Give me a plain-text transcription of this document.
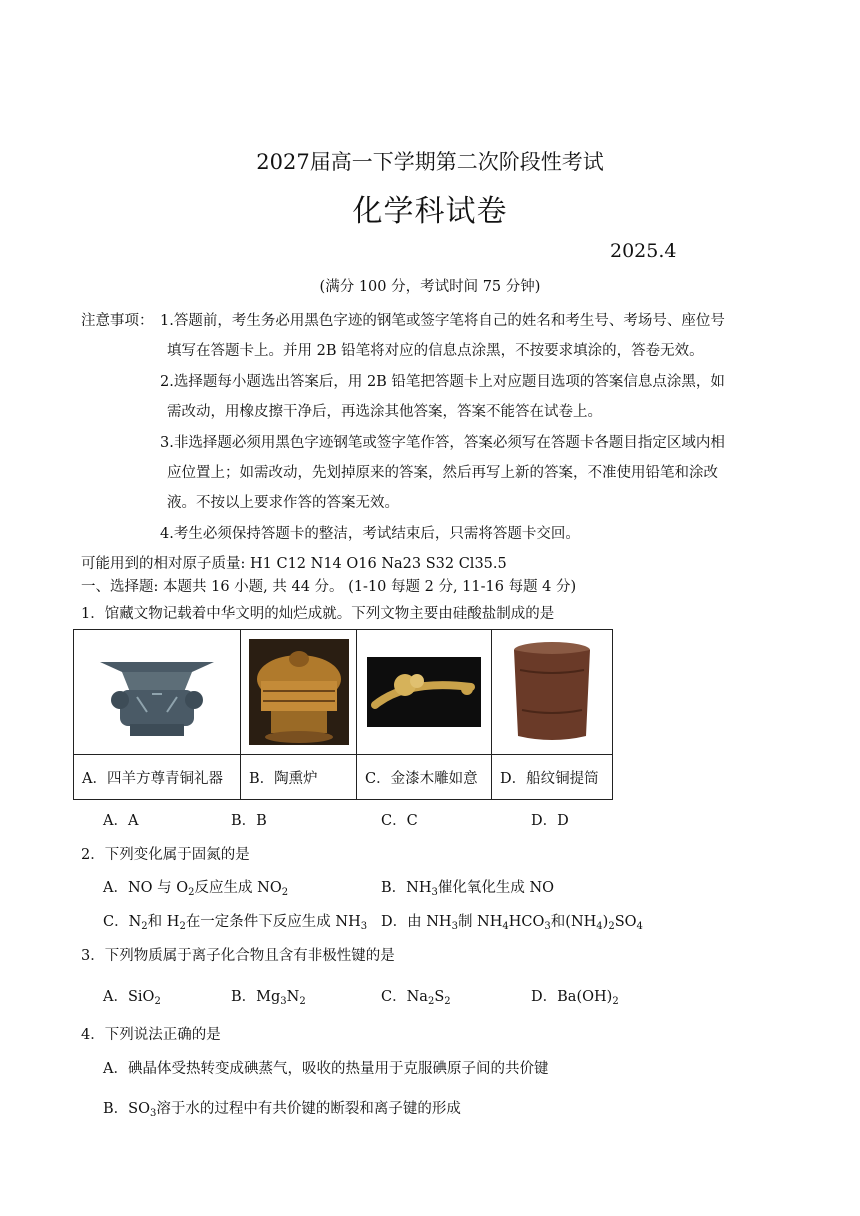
2027届高一下学期第二次阶段性考试
化学科试卷
2025.4
(满分 100 分，考试时间 75 分钟)
注意事项： 1.答题前，考生务必用黑色字迹的钢笔或签字笔将自己的姓名和考生号、考场号、座位号
填写在答题卡上。并用 2B 铅笔将对应的信息点涂黑，不按要求填涂的，答卷无效。
2.选择题每小题选出答案后，用 2B 铅笔把答题卡上对应题目选项的答案信息点涂黑，如
需改动，用橡皮擦干净后，再选涂其他答案，答案不能答在试卷上。
3.非选择题必须用黑色字迹钢笔或签字笔作答，答案必须写在答题卡各题目指定区域内相
应位置上；如需改动，先划掉原来的答案，然后再写上新的答案，不准使用铅笔和涂改
液。不按以上要求作答的答案无效。
4.考生必须保持答题卡的整洁，考试结束后，只需将答题卡交回。
可能用到的相对原子质量: H1 C12 N14 O16 Na23 S32 Cl35.5
一、选择题: 本题共 16 小题, 共 44 分。 (1-10 每题 2 分, 11-16 每题 4 分)
1．馆藏文物记载着中华文明的灿烂成就。下列文物主要由硅酸盐制成的是

A．四羊方尊青铜礼器	B．陶熏炉	C．金漆木雕如意	D．船纹铜提筒
A．A	B．B	C．C	D．D
2．下列变化属于固氮的是
A．NO 与 $O_2$反应生成 $NO_2$	B．$NH_3$催化氧化生成 NO
C．$N_2$和 $H_2$在一定条件下反应生成 $NH_3$ D．由 $NH_3$制 $NH_4HCO_3$和$(NH_4)_2SO_4$
3．下列物质属于离子化合物且含有非极性键的是
A．SiO$_2$	B．$Mg_3N_2$	C．$Na_2S_2$	D．$Ba(OH)_2$
4．下列说法正确的是
A．碘晶体受热转变成碘蒸气，吸收的热量用于克服碘原子间的共价键
B．$SO_3$溶于水的过程中有共价键的断裂和离子键的形成
